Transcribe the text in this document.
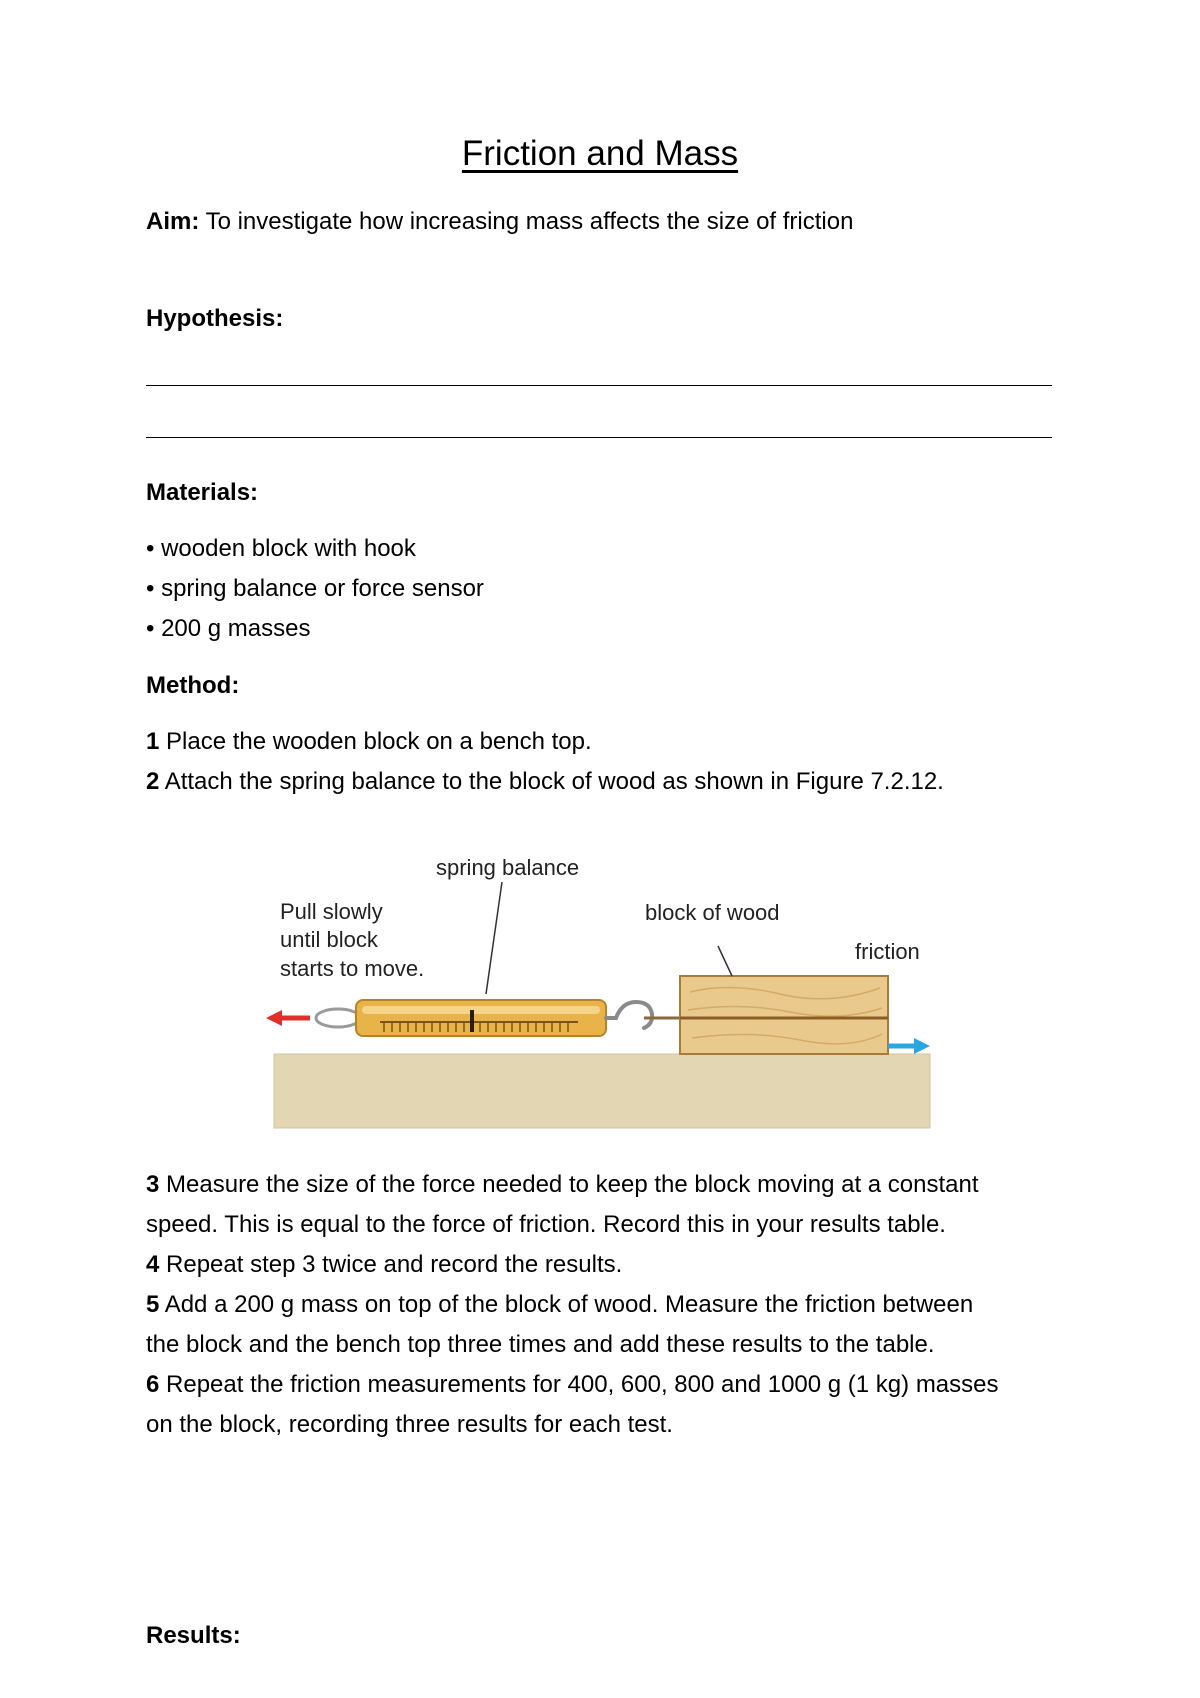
Friction and Mass
Aim: To investigate how increasing mass affects the size of friction
Hypothesis:
Materials:
• wooden block with hook
• spring balance or force sensor
• 200 g masses
Method:
1 Place the wooden block on a bench top.
2 Attach the spring balance to the block of wood as shown in Figure 7.2.12.
spring balance
Pull slowly
until block
starts to move.
block of wood
friction
3 Measure the size of the force needed to keep the block moving at a constant
speed. This is equal to the force of friction. Record this in your results table.
4 Repeat step 3 twice and record the results.
5 Add a 200 g mass on top of the block of wood. Measure the friction between
the block and the bench top three times and add these results to the table.
6 Repeat the friction measurements for 400, 600, 800 and 1000 g (1 kg) masses
on the block, recording three results for each test.
Results:
